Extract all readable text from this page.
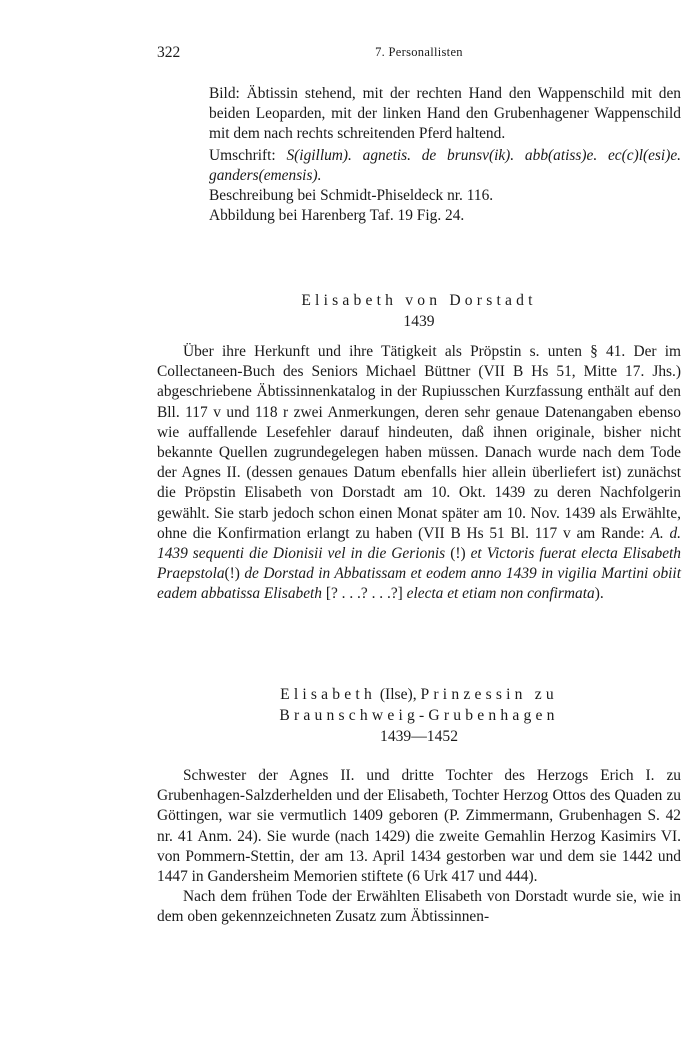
322	7. Personallisten

Bild: Äbtissin stehend, mit der rechten Hand den Wappenschild mit den beiden Leoparden, mit der linken Hand den Grubenhagener Wappenschild mit dem nach rechts schreitenden Pferd haltend.

Umschrift: S(igillum). agnetis. de brunsv(ik). abb(atiss)e. ec(c)l(esi)e. ganders(emensis).

Beschreibung bei Schmidt-Phiseldeck nr. 116.

Abbildung bei Harenberg Taf. 19 Fig. 24.

Elisabeth von Dorstadt
1439

Über ihre Herkunft und ihre Tätigkeit als Pröpstin s. unten § 41. Der im Collectaneen-Buch des Seniors Michael Büttner (VII B Hs 51, Mitte 17. Jhs.) abgeschriebene Äbtissinnenkatalog in der Rupiusschen Kurzfassung enthält auf den Bll. 117 v und 118 r zwei Anmerkungen, deren sehr genaue Datenangaben ebenso wie auffallende Lesefehler darauf hindeuten, daß ihnen originale, bisher nicht bekannte Quellen zugrundegelegen haben müssen. Danach wurde nach dem Tode der Agnes II. (dessen genaues Datum ebenfalls hier allein überliefert ist) zunächst die Pröpstin Elisabeth von Dorstadt am 10. Okt. 1439 zu deren Nachfolgerin gewählt. Sie starb jedoch schon einen Monat später am 10. Nov. 1439 als Erwählte, ohne die Konfirmation erlangt zu haben (VII B Hs 51 Bl. 117 v am Rande: A. d. 1439 sequenti die Dionisii vel in die Gerionis (!) et Victoris fuerat electa Elisabeth Praepstola(!) de Dorstad in Abbatissam et eodem anno 1439 in vigilia Martini obiit eadem abbatissa Elisabeth [? . . .? . . .?] electa et etiam non confirmata).

Elisabeth (Ilse), Prinzessin zu
Braunschweig-Grubenhagen
1439—1452

Schwester der Agnes II. und dritte Tochter des Herzogs Erich I. zu Grubenhagen-Salzderhelden und der Elisabeth, Tochter Herzog Ottos des Quaden zu Göttingen, war sie vermutlich 1409 geboren (P. Zimmermann, Grubenhagen S. 42 nr. 41 Anm. 24). Sie wurde (nach 1429) die zweite Gemahlin Herzog Kasimirs VI. von Pommern-Stettin, der am 13. April 1434 gestorben war und dem sie 1442 und 1447 in Gandersheim Memorien stiftete (6 Urk 417 und 444).

Nach dem frühen Tode der Erwählten Elisabeth von Dorstadt wurde sie, wie in dem oben gekennzeichneten Zusatz zum Äbtissinnen-
